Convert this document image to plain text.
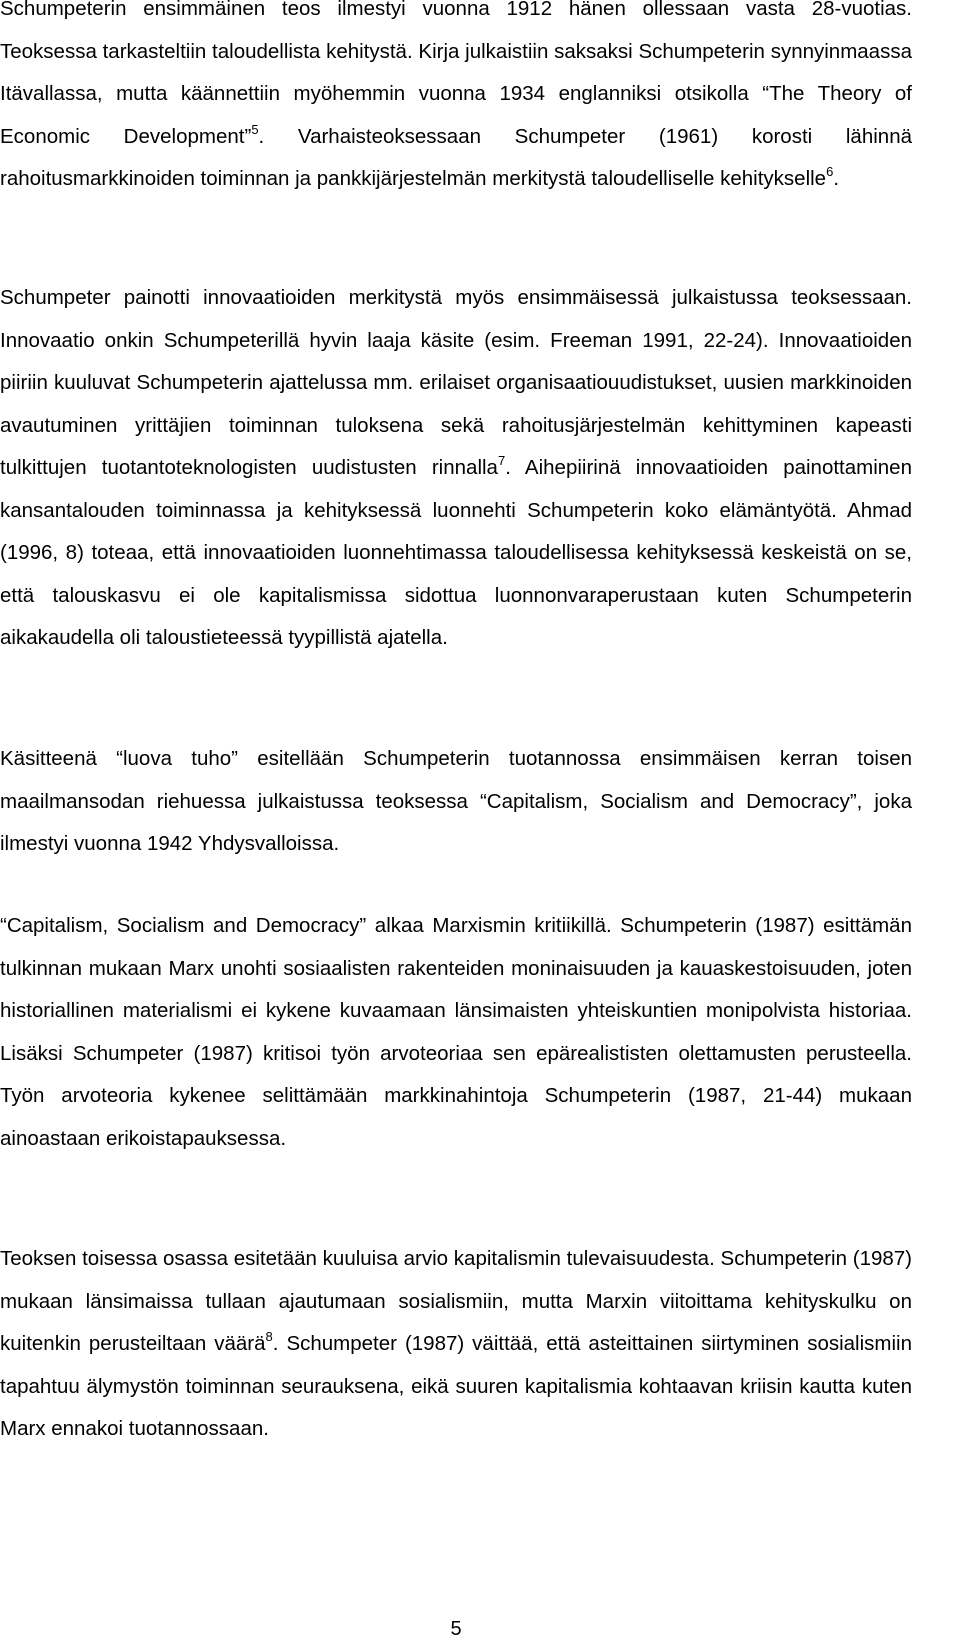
Schumpeterin ensimmäinen teos ilmestyi vuonna 1912 hänen ollessaan vasta 28-vuotias. Teoksessa tarkasteltiin taloudellista kehitystä. Kirja julkaistiin saksaksi Schumpeterin synnyinmaassa Itävallassa, mutta käännettiin myöhemmin vuonna 1934 englanniksi otsikolla “The Theory of Economic Development”$^5$. Varhaisteoksessaan Schumpeter (1961) korosti lähinnä rahoitusmarkkinoiden toiminnan ja pankkijärjestelmän merkitystä taloudelliselle kehitykselle$^6$.

Schumpeter painotti innovaatioiden merkitystä myös ensimmäisessä julkaistussa teoksessaan. Innovaatio onkin Schumpeterillä hyvin laaja käsite (esim. Freeman 1991, 22-24). Innovaatioiden piiriin kuuluvat Schumpeterin ajattelussa mm. erilaiset organisaatiouudistukset, uusien markkinoiden avautuminen yrittäjien toiminnan tuloksena sekä rahoitusjärjestelmän kehittyminen kapeasti tulkittujen tuotantoteknologisten uudistusten rinnalla$^7$. Aihepiirinä innovaatioiden painottaminen kansantalouden toiminnassa ja kehityksessä luonnehti Schumpeterin koko elämäntyötä. Ahmad (1996, 8) toteaa, että innovaatioiden luonnehtimassa taloudellisessa kehityksessä keskeistä on se, että talouskasvu ei ole kapitalismissa sidottua luonnonvaraperustaan kuten Schumpeterin aikakaudella oli taloustieteessä tyypillistä ajatella.

Käsitteenä “luova tuho” esitellään Schumpeterin tuotannossa ensimmäisen kerran toisen maailmansodan riehuessa julkaistussa teoksessa “Capitalism, Socialism and Democracy”, joka ilmestyi vuonna 1942 Yhdysvalloissa.

“Capitalism, Socialism and Democracy” alkaa Marxismin kritiikillä. Schumpeterin (1987) esittämän tulkinnan mukaan Marx unohti sosiaalisten rakenteiden moninaisuuden ja kauaskestoisuuden, joten historiallinen materialismi ei kykene kuvaamaan länsimaisten yhteiskuntien monipolvista historiaa. Lisäksi Schumpeter (1987) kritisoi työn arvoteoriaa sen epärealististen olettamusten perusteella. Työn arvoteoria kykenee selittämään markkinahintoja Schumpeterin (1987, 21-44) mukaan ainoastaan erikoistapauksessa.

Teoksen toisessa osassa esitetään kuuluisa arvio kapitalismin tulevaisuudesta. Schumpeterin (1987) mukaan länsimaissa tullaan ajautumaan sosialismiin, mutta Marxin viitoittama kehityskulku on kuitenkin perusteiltaan väärä$^8$. Schumpeter (1987) väittää, että asteittainen siirtyminen sosialismiin tapahtuu älymystön toiminnan seurauksena, eikä suuren kapitalismia kohtaavan kriisin kautta kuten Marx ennakoi tuotannossaan.

5
